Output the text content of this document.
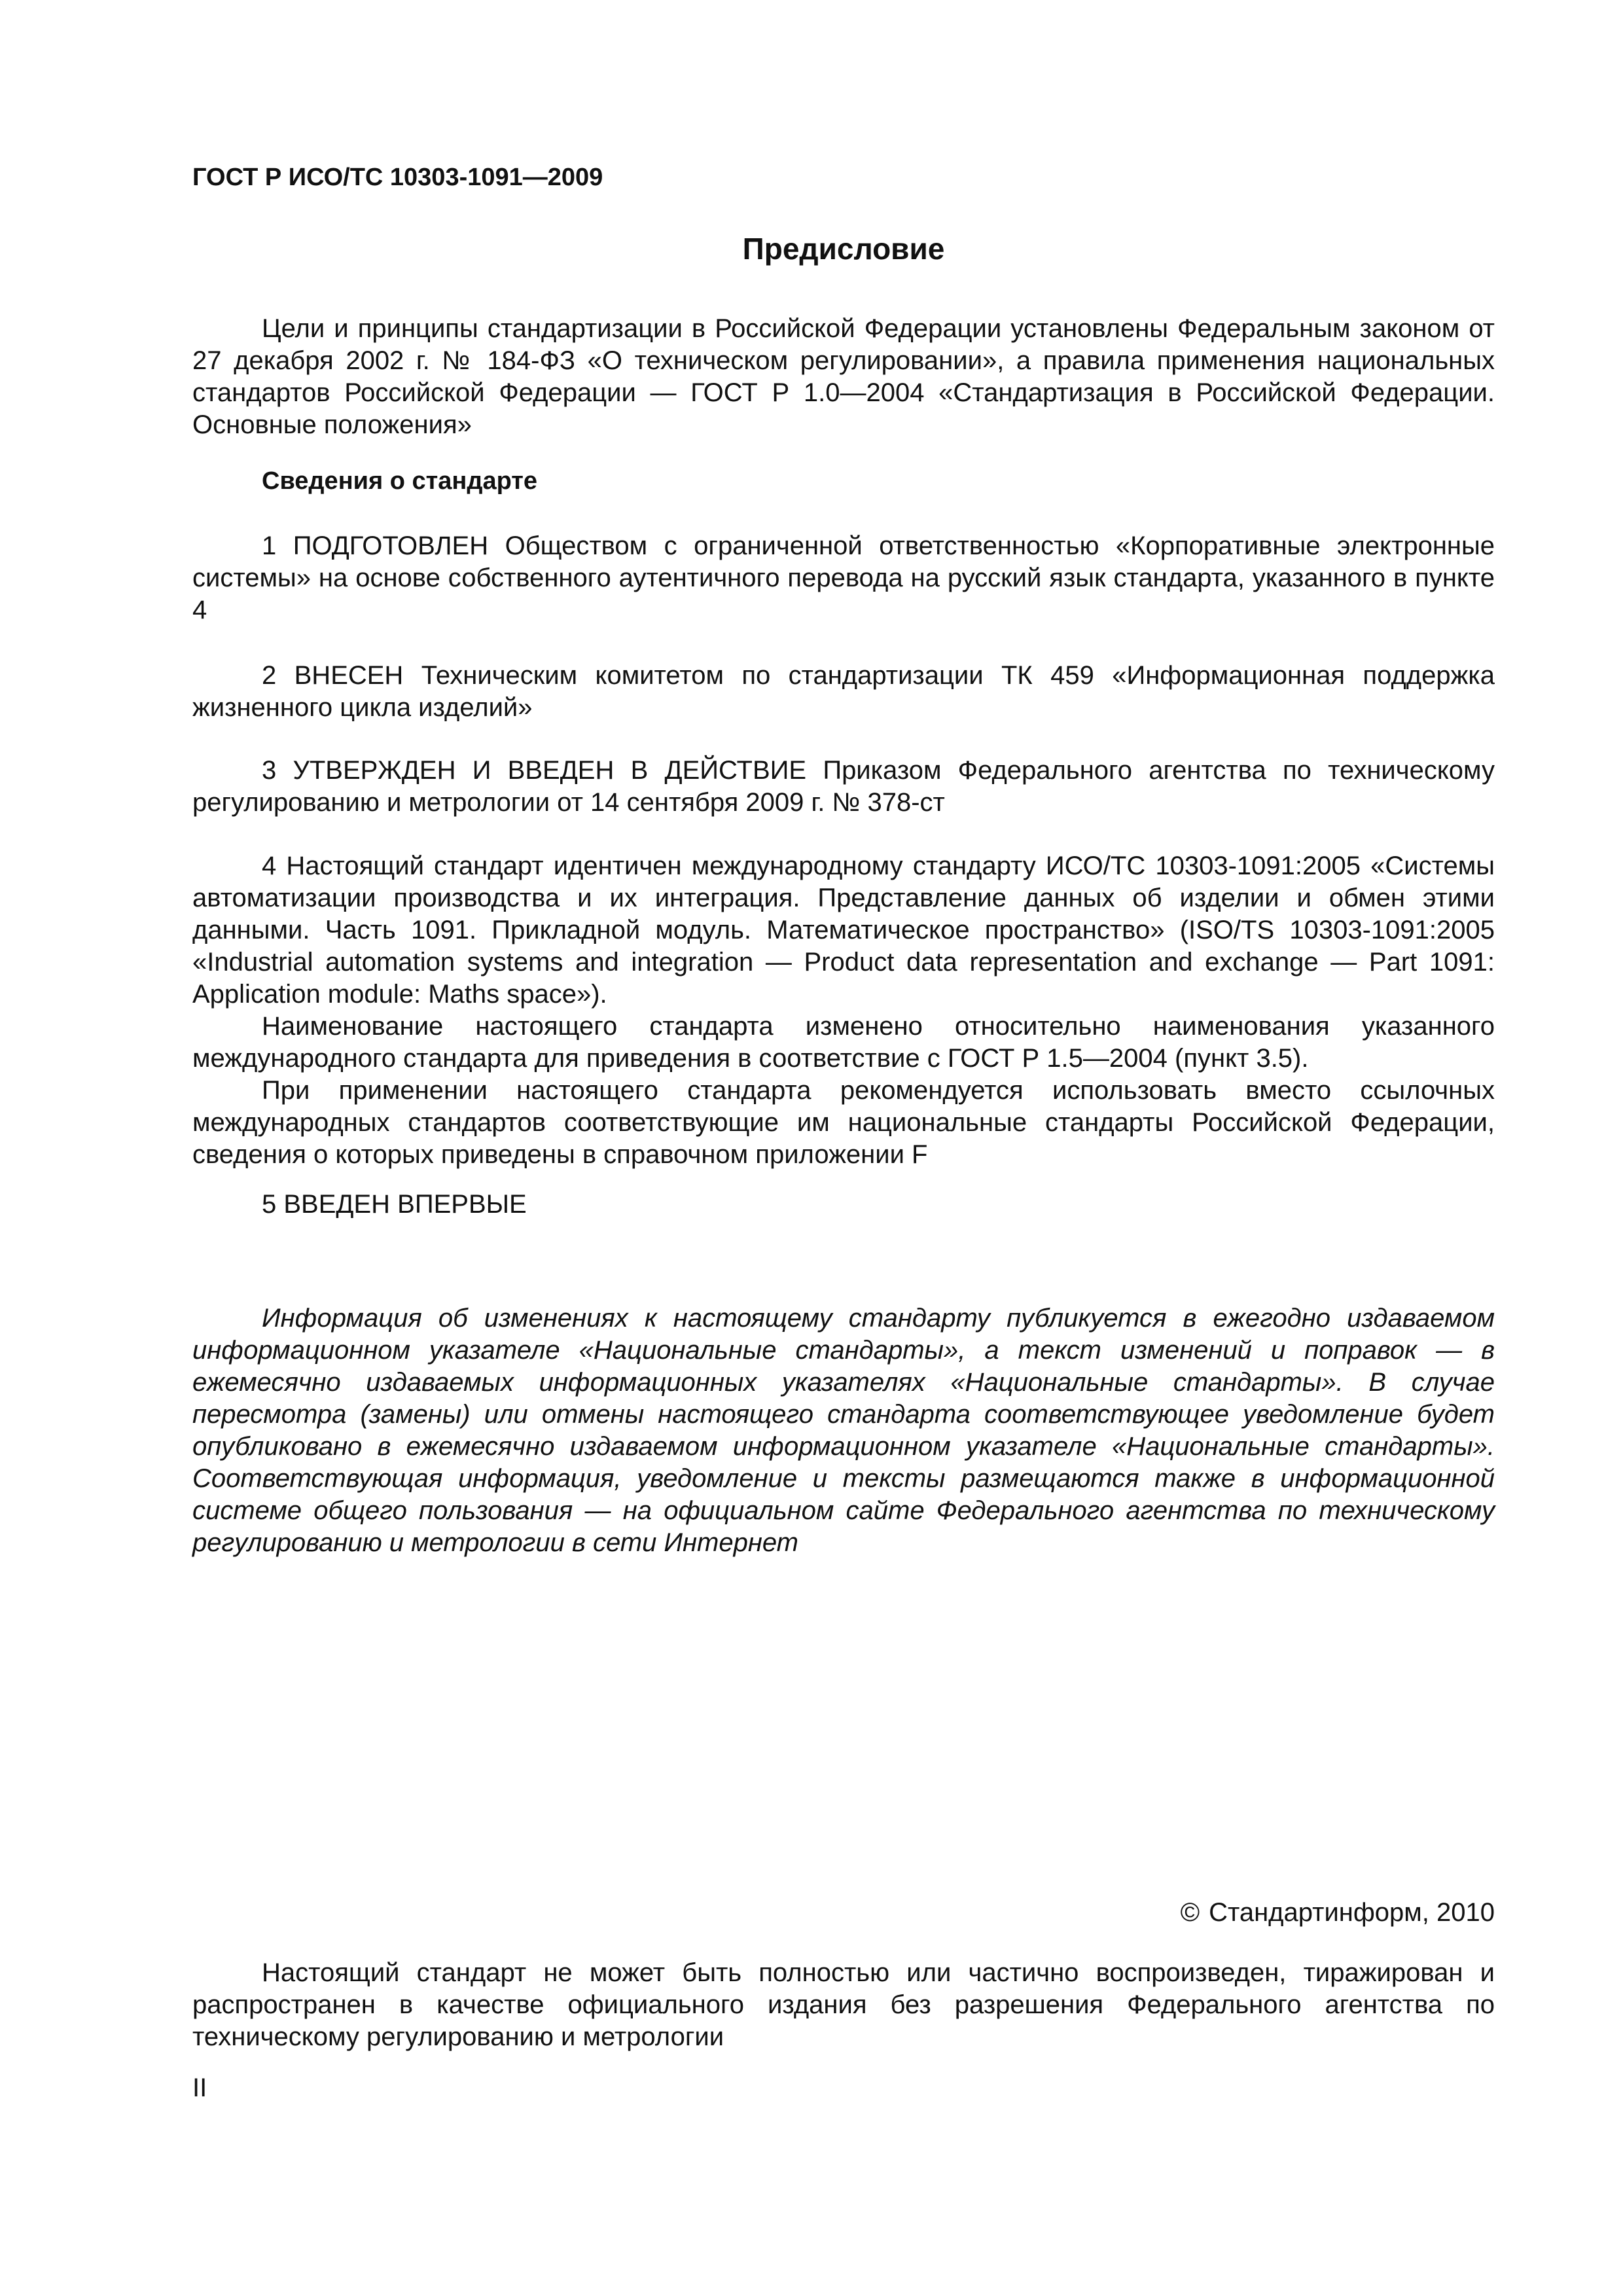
ГОСТ Р ИСО/ТС 10303-1091—2009
Предисловие

Цели и принципы стандартизации в Российской Федерации установлены Федеральным законом от 27 декабря 2002 г. № 184-ФЗ «О техническом регулировании», а правила применения национальных стандартов Российской Федерации — ГОСТ Р 1.0—2004 «Стандартизация в Российской Федерации. Основные положения»

Сведения о стандарте

1 ПОДГОТОВЛЕН Обществом с ограниченной ответственностью «Корпоративные электронные системы» на основе собственного аутентичного перевода на русский язык стандарта, указанного в пункте 4

2 ВНЕСЕН Техническим комитетом по стандартизации ТК 459 «Информационная поддержка жизненного цикла изделий»

3 УТВЕРЖДЕН И ВВЕДЕН В ДЕЙСТВИЕ Приказом Федерального агентства по техническому регулированию и метрологии от 14 сентября 2009 г. № 378-ст

4 Настоящий стандарт идентичен международному стандарту ИСО/ТС 10303-1091:2005 «Системы автоматизации производства и их интеграция. Представление данных об изделии и обмен этими данными. Часть 1091. Прикладной модуль. Математическое пространство» (ISO/TS 10303-1091:2005 «Industrial automation systems and integration — Product data representation and exchange — Part 1091: Application module: Maths space»).

Наименование настоящего стандарта изменено относительно наименования указанного международного стандарта для приведения в соответствие с ГОСТ Р 1.5—2004 (пункт 3.5).

При применении настоящего стандарта рекомендуется использовать вместо ссылочных международных стандартов соответствующие им национальные стандарты Российской Федерации, сведения о которых приведены в справочном приложении F

5 ВВЕДЕН ВПЕРВЫЕ

Информация об изменениях к настоящему стандарту публикуется в ежегодно издаваемом информационном указателе «Национальные стандарты», а текст изменений и поправок — в ежемесячно издаваемых информационных указателях «Национальные стандарты». В случае пересмотра (замены) или отмены настоящего стандарта соответствующее уведомление будет опубликовано в ежемесячно издаваемом информационном указателе «Национальные стандарты». Соответствующая информация, уведомление и тексты размещаются также в информационной системе общего пользования — на официальном сайте Федерального агентства по техническому регулированию и метрологии в сети Интернет

© Стандартинформ, 2010

Настоящий стандарт не может быть полностью или частично воспроизведен, тиражирован и распространен в качестве официального издания без разрешения Федерального агентства по техническому регулированию и метрологии

II
